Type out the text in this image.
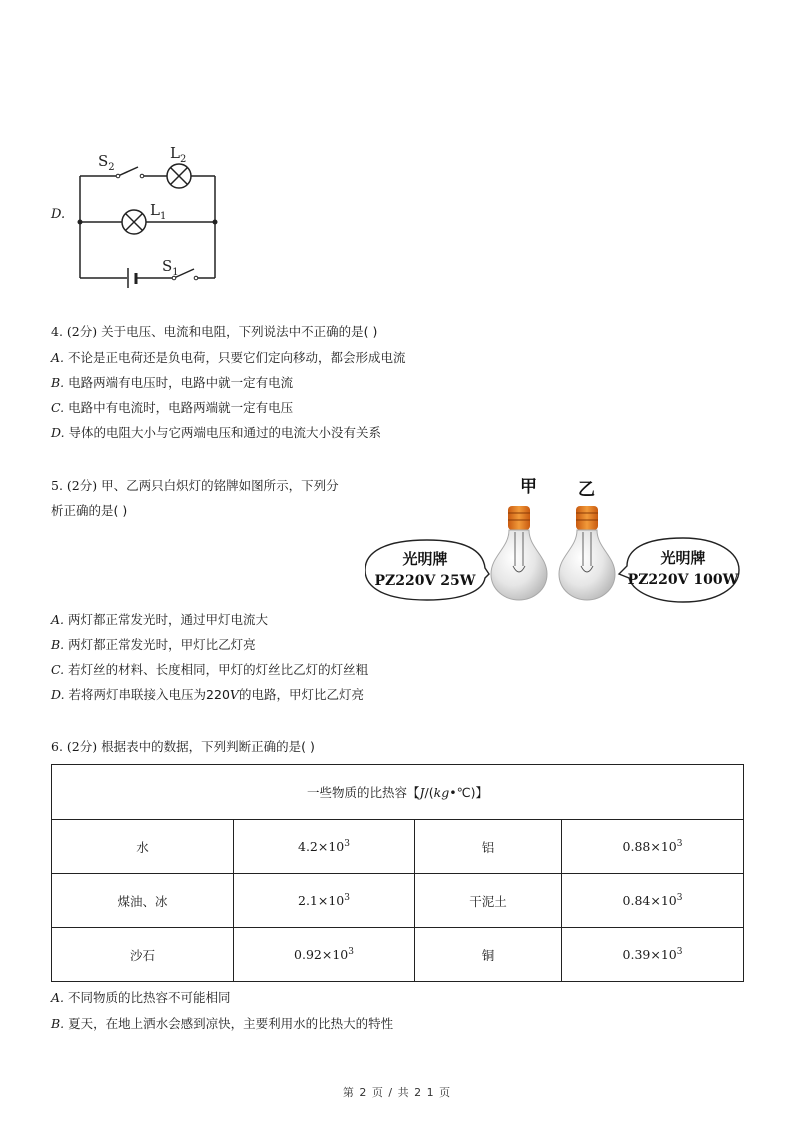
D.
$S_2$
$L_2$
$L_1$
$S_1$
4. (2分) 关于电压、电流和电阻，下列说法中不正确的是( )
A. 不论是正电荷还是负电荷，只要它们定向移动，都会形成电流
B. 电路两端有电压时，电路中就一定有电流
C. 电路中有电流时，电路两端就一定有电压
D. 导体的电阻大小与它两端电压和通过的电流大小没有关系
5. (2分) 甲、乙两只白炽灯的铭牌如图所示，下列分
析正确的是( )
甲 乙
光明牌
PZ220V 25W
光明牌
PZ220V 100W
A. 两灯都正常发光时，通过甲灯电流大
B. 两灯都正常发光时，甲灯比乙灯亮
C. 若灯丝的材料、长度相同，甲灯的灯丝比乙灯的灯丝粗
D. 若将两灯串联接入电压为220V的电路，甲灯比乙灯亮
6. (2分) 根据表中的数据，下列判断正确的是( )
一些物质的比热容【J/(kg•℃)】			
水	$4.2\times 10^3$	铝	$0.88\times 10^3$
煤油、冰	$2.1\times 10^3$	干泥土	$0.84\times 10^3$
沙石	$0.92\times 10^3$	铜	$0.39\times 10^3$
A. 不同物质的比热容不可能相同
B. 夏天，在地上洒水会感到凉快，主要利用水的比热大的特性
第 2 页 / 共 2 1 页
